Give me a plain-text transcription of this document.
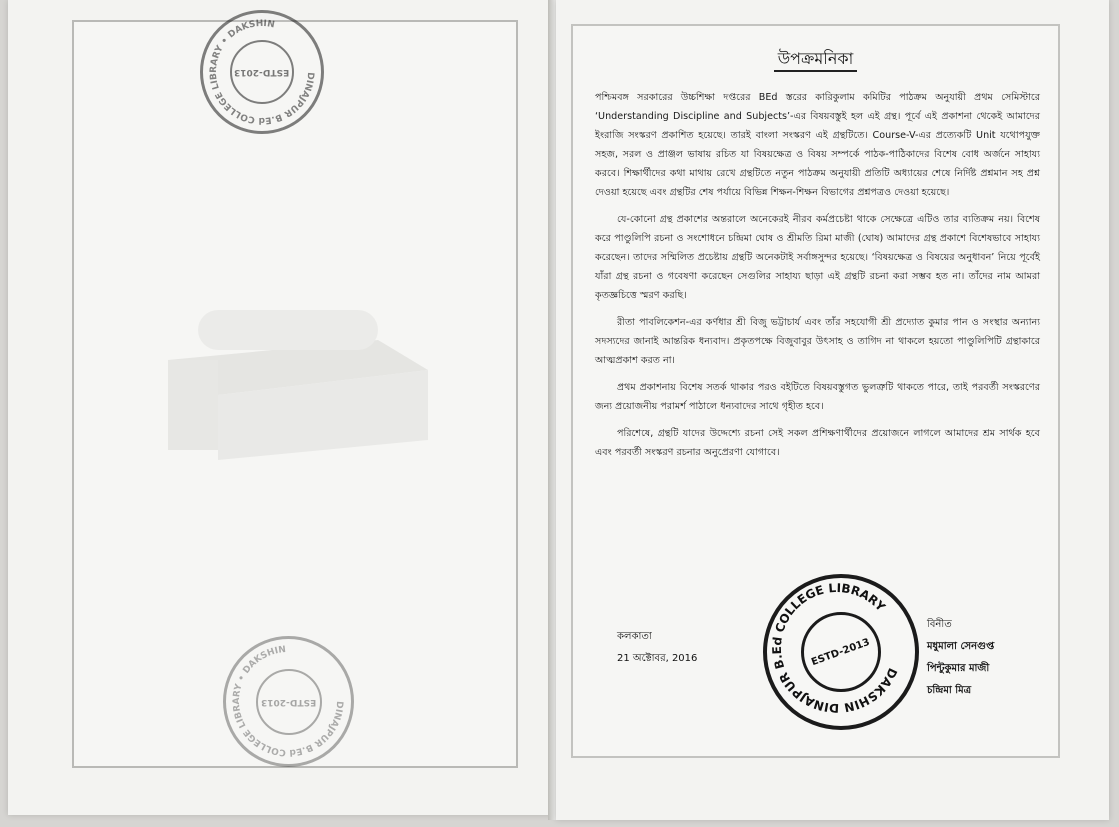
DINAJPUR B.Ed COLLEGE LIBRARY • DAKSHIN
ESTD-2013
DINAJPUR B.Ed COLLEGE LIBRARY • DAKSHIN
ESTD-2013
উপক্রমনিকা

পশ্চিমবঙ্গ সরকারের উচ্চশিক্ষা দপ্তরের BEd স্তরের কারিকুলাম কমিটির পাঠক্রম অনুযায়ী প্রথম সেমিস্টারে ‘Understanding Discipline and Subjects’-এর বিষয়বস্তুই হল এই গ্রন্থ। পূর্বে এই প্রকাশনা থেকেই আমাদের ইংরাজি সংস্করণ প্রকাশিত হয়েছে। তারই বাংলা সংস্করণ এই গ্রন্থটিতে। Course-V-এর প্রত্যেকটি Unit যথোপযুক্ত সহজ, সরল ও প্রাঞ্জল ভাষায় রচিত যা বিষয়ক্ষেত্র ও বিষয় সম্পর্কে পাঠক-পাঠিকাদের বিশেষ বোধ অর্জনে সাহায্য করবে। শিক্ষার্থীদের কথা মাথায় রেখে গ্রন্থটিতে নতুন পাঠক্রম অনুযায়ী প্রতিটি অধ্যায়ের শেষে নির্দিষ্ট প্রশ্নমান সহ প্রশ্ন দেওয়া হয়েছে এবং গ্রন্থটির শেষ পর্যায়ে বিভিন্ন শিক্ষন-শিক্ষন বিভাগের প্রশ্নপত্রও দেওয়া হয়েছে।

যে-কোনো গ্রন্থ প্রকাশের অন্তরালে অনেকেরই নীরব কর্মপ্রচেষ্টা থাকে সেক্ষেত্রে এটিও তার ব্যতিক্রম নয়। বিশেষ করে পাণ্ডুলিপি রচনা ও সংশোধনে চন্দ্রিমা ঘোষ ও শ্রীমতি রিমা মাজী (ঘোষ) আমাদের গ্রন্থ প্রকাশে বিশেষভাবে সাহায্য করেছেন। তাদের সম্মিলিত প্রচেষ্টায় গ্রন্থটি অনেকটাই সর্বাঙ্গসুন্দর হয়েছে। ‘বিষয়ক্ষেত্র ও বিষয়ের অনুধাবন’ নিয়ে পূর্বেই যাঁরা গ্রন্থ রচনা ও গবেষণা করেছেন সেগুলির সাহায্য ছাড়া এই গ্রন্থটি রচনা করা সম্ভব হত না। তাঁদের নাম আমরা কৃতজ্ঞচিত্তে স্মরণ করছি।

রীতা পাবলিকেশন-এর কর্ণধার শ্রী বিজু ভট্টাচার্য এবং তাঁর সহযোগী শ্রী প্রদ্যোত কুমার পান ও সংস্থার অন্যান্য সদস্যদের জানাই আন্তরিক ধন্যবাদ। প্রকৃতপক্ষে বিজুবাবুর উৎসাহ ও তাগিদ না থাকলে হয়তো পাণ্ডুলিপিটি গ্রন্থাকারে আত্মপ্রকাশ করত না।

প্রথম প্রকাশনায় বিশেষ সতর্ক থাকার পরও বইটিতে বিষয়বস্তুগত ভুলত্রুটি থাকতে পারে, তাই পরবর্তী সংস্করণের জন্য প্রয়োজনীয় পরামর্শ পাঠালে ধন্যবাদের সাথে গৃহীত হবে।

পরিশেষে, গ্রন্থটি যাদের উদ্দেশ্যে রচনা সেই সকল প্রশিক্ষণার্থীদের প্রয়োজনে লাগলে আমাদের শ্রম সার্থক হবে এবং পরবর্তী সংস্করণ রচনার অনুপ্রেরণা যোগাবে।

কলকাতা
21 অক্টোবর, 2016
বিনীত
মধুমালা সেনগুপ্ত
পিন্টুকুমার মাজী
চন্দ্রিমা মিত্র
DAKSHIN DINAJPUR B.Ed COLLEGE LIBRARY
ESTD-2013
